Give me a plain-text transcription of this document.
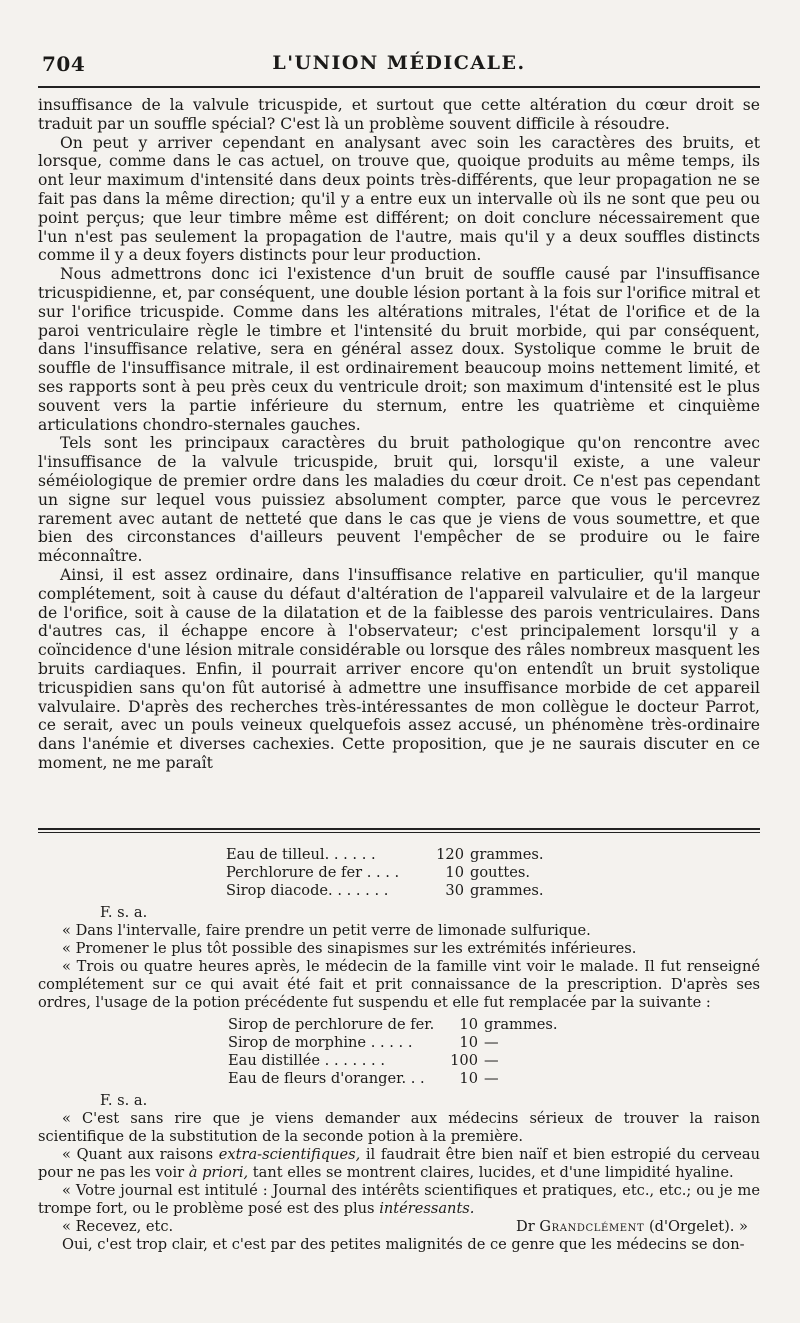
704	L'UNION MÉDICALE.

insuffisance de la valvule tricuspide, et surtout que cette altération du cœur droit se traduit par un souffle spécial? C'est là un problème souvent difficile à résoudre.

On peut y arriver cependant en analysant avec soin les caractères des bruits, et lorsque, comme dans le cas actuel, on trouve que, quoique produits au même temps, ils ont leur maximum d'intensité dans deux points très-différents, que leur propagation ne se fait pas dans la même direction; qu'il y a entre eux un intervalle où ils ne sont que peu ou point perçus; que leur timbre même est différent; on doit conclure nécessairement que l'un n'est pas seulement la propagation de l'autre, mais qu'il y a deux souffles distincts comme il y a deux foyers distincts pour leur production.

Nous admettrons donc ici l'existence d'un bruit de souffle causé par l'insuffisance tricuspidienne, et, par conséquent, une double lésion portant à la fois sur l'orifice mitral et sur l'orifice tricuspide. Comme dans les altérations mitrales, l'état de l'orifice et de la paroi ventriculaire règle le timbre et l'intensité du bruit morbide, qui par conséquent, dans l'insuffisance relative, sera en général assez doux. Systolique comme le bruit de souffle de l'insuffisance mitrale, il est ordinairement beaucoup moins nettement limité, et ses rapports sont à peu près ceux du ventricule droit; son maximum d'intensité est le plus souvent vers la partie inférieure du sternum, entre les quatrième et cinquième articulations chondro-sternales gauches.

Tels sont les principaux caractères du bruit pathologique qu'on rencontre avec l'insuffisance de la valvule tricuspide, bruit qui, lorsqu'il existe, a une valeur séméiologique de premier ordre dans les maladies du cœur droit. Ce n'est pas cependant un signe sur lequel vous puissiez absolument compter, parce que vous le percevrez rarement avec autant de netteté que dans le cas que je viens de vous soumettre, et que bien des circonstances d'ailleurs peuvent l'empêcher de se produire ou le faire méconnaître.

Ainsi, il est assez ordinaire, dans l'insuffisance relative en particulier, qu'il manque complétement, soit à cause du défaut d'altération de l'appareil valvulaire et de la largeur de l'orifice, soit à cause de la dilatation et de la faiblesse des parois ventriculaires. Dans d'autres cas, il échappe encore à l'observateur; c'est principalement lorsqu'il y a coïncidence d'une lésion mitrale considérable ou lorsque des râles nombreux masquent les bruits cardiaques. Enfin, il pourrait arriver encore qu'on entendît un bruit systolique tricuspidien sans qu'on fût autorisé à admettre une insuffisance morbide de cet appareil valvulaire. D'après des recherches très-intéressantes de mon collègue le docteur Parrot, ce serait, avec un pouls veineux quelquefois assez accusé, un phénomène très-ordinaire dans l'anémie et diverses cachexies. Cette proposition, que je ne saurais discuter en ce moment, ne me paraît

Eau de tilleul. . . . . .	120 grammes.
Perchlorure de fer . . . .	10 gouttes.
Sirop diacode. . . . . . .	30 grammes.
F. s. a.

« Dans l'intervalle, faire prendre un petit verre de limonade sulfurique.

« Promener le plus tôt possible des sinapismes sur les extrémités inférieures.

« Trois ou quatre heures après, le médecin de la famille vint voir le malade. Il fut renseigné complétement sur ce qui avait été fait et prit connaissance de la prescription. D'après ses ordres, l'usage de la potion précédente fut suspendu et elle fut remplacée par la suivante :

Sirop de perchlorure de fer.	10 grammes.
Sirop de morphine . . . . .	10 —
Eau distillée . . . . . . .	100 —
Eau de fleurs d'oranger. . .	10 —
F. s. a.

« C'est sans rire que je viens demander aux médecins sérieux de trouver la raison scientifique de la substitution de la seconde potion à la première.

« Quant aux raisons extra-scientifiques, il faudrait être bien naïf et bien estropié du cerveau pour ne pas les voir à priori, tant elles se montrent claires, lucides, et d'une limpidité hyaline.

« Votre journal est intitulé : Journal des intérêts scientifiques et pratiques, etc., etc.; ou je me trompe fort, ou le problème posé est des plus intéressants.

« Recevez, etc.	Dr Grandclément (d'Orgelet). »

Oui, c'est trop clair, et c'est par des petites malignités de ce genre que les médecins se don-
